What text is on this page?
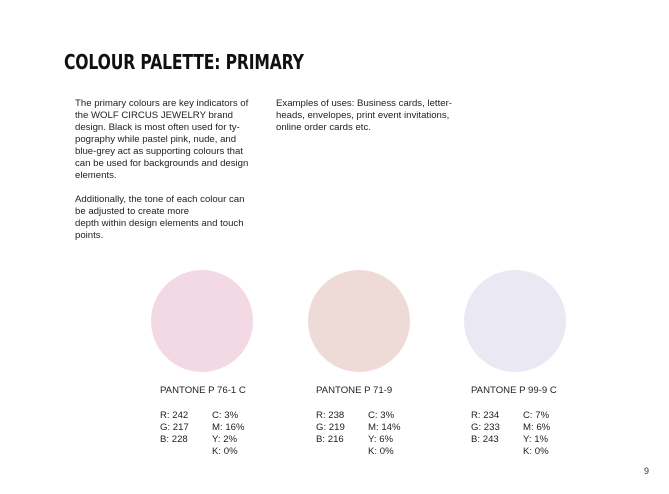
COLOUR PALETTE: PRIMARY
The primary colours are key indicators of
the WOLF CIRCUS JEWELRY brand
design. Black is most often used for ty-
pography while pastel pink, nude, and
blue-grey act as supporting colours that
can be used for backgrounds and design
elements.
Additionally, the tone of each colour can
be adjusted to create more
depth within design elements and touch
points.
Examples of uses: Business cards, letter-
heads, envelopes, print event invitations,
online order cards etc.
PANTONE P 76-1 C
R: 242
G: 217
B: 228
C: 3%
M: 16%
Y: 2%
K: 0%
PANTONE P 71-9
R: 238
G: 219
B: 216
C: 3%
M: 14%
Y: 6%
K: 0%
PANTONE P 99-9 C
R: 234
G: 233
B: 243
C: 7%
M: 6%
Y: 1%
K: 0%
9
